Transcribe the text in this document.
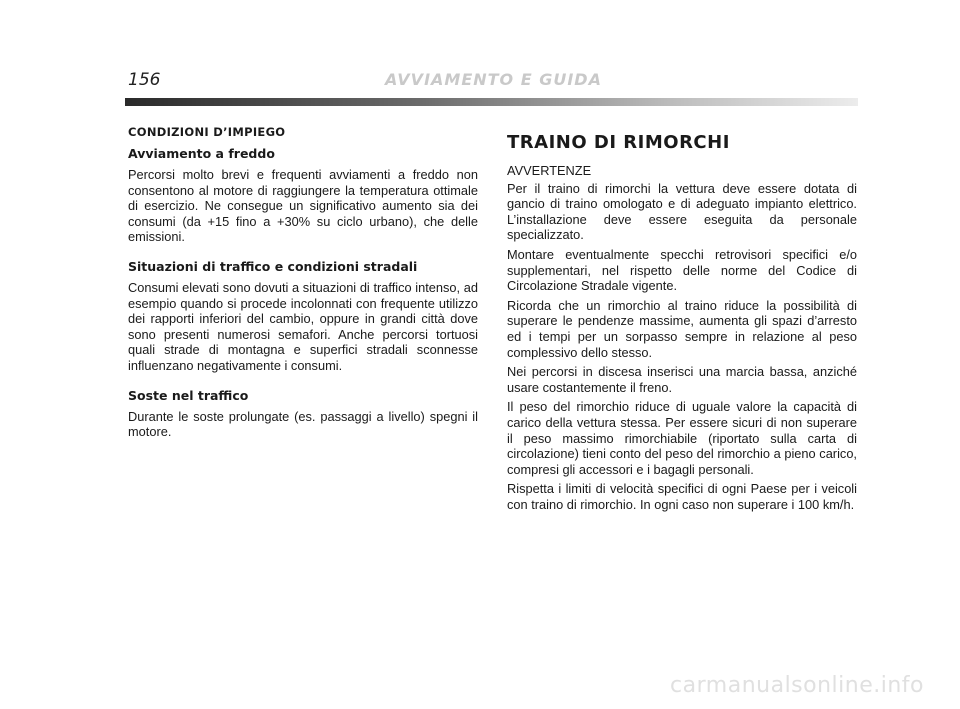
156	AVVIAMENTO E GUIDA
CONDIZIONI D’IMPIEGO
Avviamento a freddo

Percorsi molto brevi e frequenti avviamenti a freddo non consentono al motore di raggiungere la temperatura ottimale di esercizio. Ne consegue un significativo aumento sia dei consumi (da +15 fino a +30% su ciclo urbano), che delle emissioni.

Situazioni di traffico e condizioni stradali

Consumi elevati sono dovuti a situazioni di traffico intenso, ad esempio quando si procede incolonnati con frequente utilizzo dei rapporti inferiori del cambio, oppure in grandi città dove sono presenti numerosi semafori. Anche percorsi tortuosi quali strade di montagna e superfici stradali sconnesse influenzano negativamente i consumi.

Soste nel traffico

Durante le soste prolungate (es. passaggi a livello) spegni il motore.

TRAINO DI RIMORCHI

AVVERTENZE

Per il traino di rimorchi la vettura deve essere dotata di gancio di traino omologato e di adeguato impianto elettrico. L’installazione deve essere eseguita da personale specializzato.

Montare eventualmente specchi retrovisori specifici e/o supplementari, nel rispetto delle norme del Codice di Circolazione Stradale vigente.

Ricorda che un rimorchio al traino riduce la possibilità di superare le pendenze massime, aumenta gli spazi d’arresto ed i tempi per un sorpasso sempre in relazione al peso complessivo dello stesso.

Nei percorsi in discesa inserisci una marcia bassa, anziché usare costantemente il freno.

Il peso del rimorchio riduce di uguale valore la capacità di carico della vettura stessa. Per essere sicuri di non superare il peso massimo rimorchiabile (riportato sulla carta di circolazione) tieni conto del peso del rimorchio a pieno carico, compresi gli accessori e i bagagli personali.

Rispetta i limiti di velocità specifici di ogni Paese per i veicoli con traino di rimorchio. In ogni caso non superare i 100 km/h.

carmanualsonline.info
